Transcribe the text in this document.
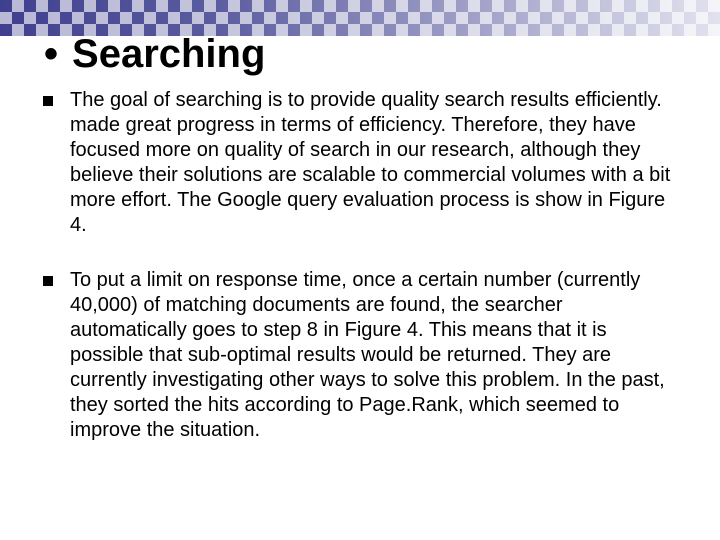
• Searching
The goal of searching is to provide quality search results efficiently. made great progress in terms of efficiency. Therefore, they have focused more on quality of search in our research, although they believe their solutions are scalable to commercial volumes with a bit more effort. The Google query evaluation process is show in Figure 4.
To put a limit on response time, once a certain number (currently 40,000) of matching documents are found, the searcher automatically goes to step 8 in Figure 4. This means that it is possible that sub-optimal results would be returned. They are currently investigating other ways to solve this problem. In the past, they sorted the hits according to Page.Rank, which seemed to improve the situation.
